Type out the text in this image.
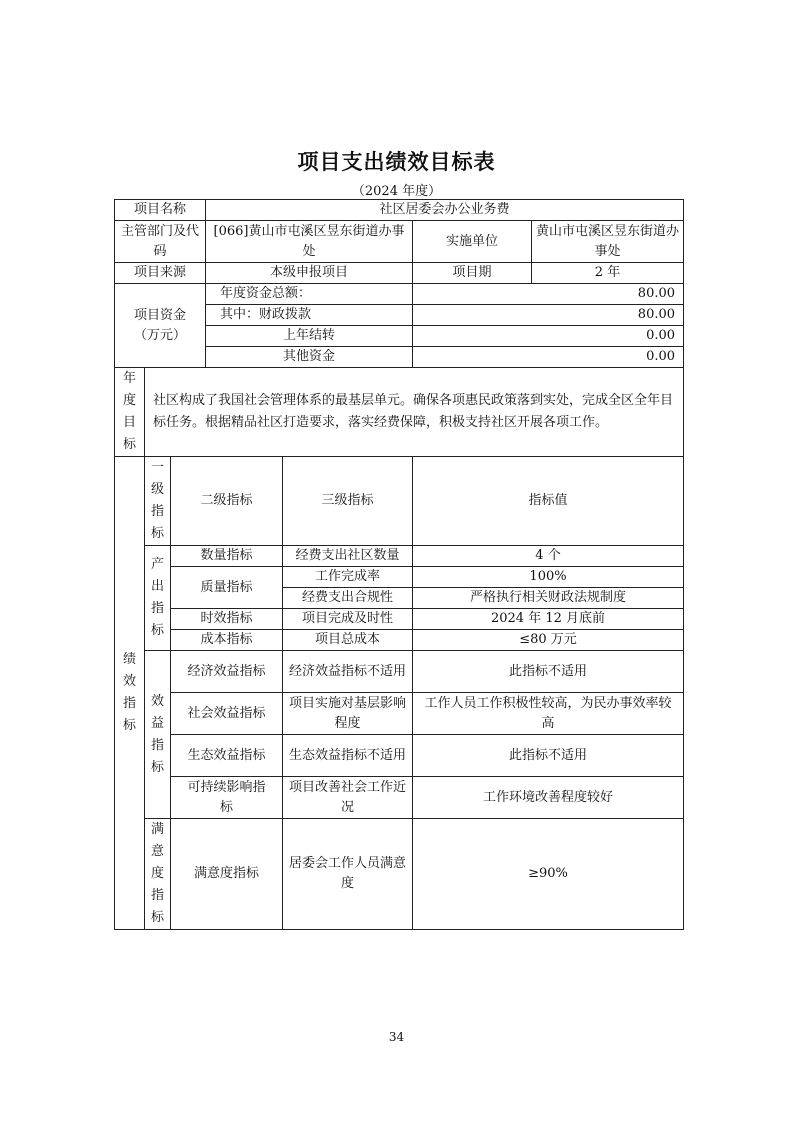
项目支出绩效目标表
（2024 年度）
项目名称			社区居委会办公业务费			
主管部门及代码			[066]黄山市屯溪区昱东街道办事处		实施单位	黄山市屯溪区昱东街道办事处
项目来源			本级申报项目		项目期	2 年
项目资金（万元）			年度资金总额：		80.00	
			其中：财政拨款		80.00	
			上年结转		0.00	
			其他资金		0.00	
年度目标	社区构成了我国社会管理体系的最基层单元。确保各项惠民政策落到实处，完成全区全年目标任务。根据精品社区打造要求，落实经费保障，积极支持社区开展各项工作。					
绩效指标	一级指标	二级指标		三级指标	指标值	
	产出指标	数量指标		经费支出社区数量	4 个	
		质量指标		工作完成率	100%	
				经费支出合规性	严格执行相关财政法规制度	
		时效指标		项目完成及时性	2024 年 12 月底前	
		成本指标		项目总成本	≤80 万元	
	效益指标	经济效益指标		经济效益指标不适用	此指标不适用	
		社会效益指标		项目实施对基层影响程度	工作人员工作积极性较高，为民办事效率较高	
		生态效益指标		生态效益指标不适用	此指标不适用	
		可持续影响指标		项目改善社会工作近况	工作环境改善程度较好	
	满意度指标	满意度指标		居委会工作人员满意度	≥90%	
34
